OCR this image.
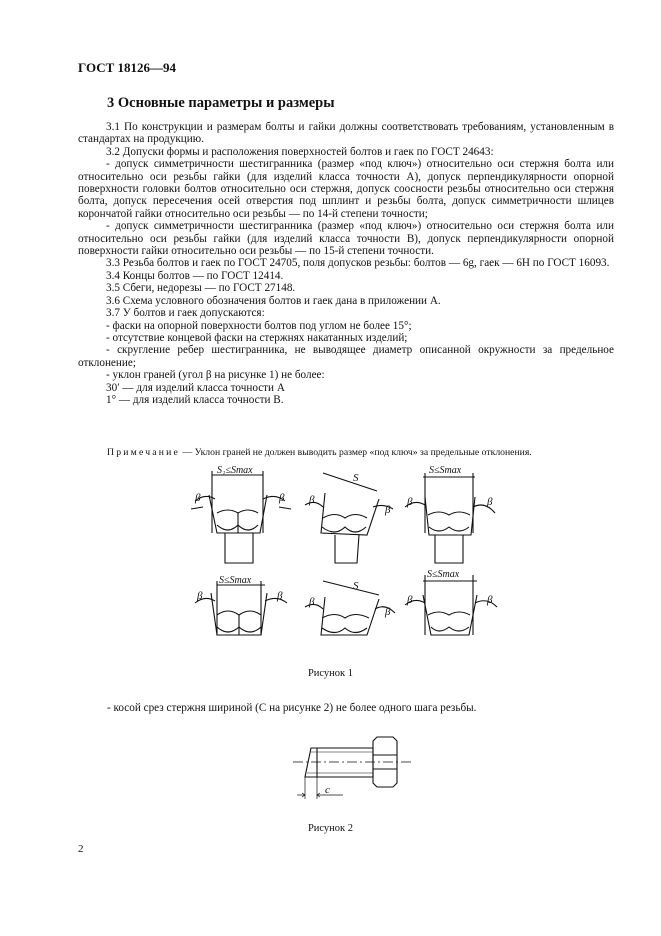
ГОСТ 18126—94
3 Основные параметры и размеры

3.1 По конструкции и размерам болты и гайки должны соответствовать требованиям, установленным в стандартах на продукцию.

3.2 Допуски формы и расположения поверхностей болтов и гаек по ГОСТ 24643:

- допуск симметричности шестигранника (размер «под ключ») относительно оси стержня болта или относительно оси резьбы гайки (для изделий класса точности А), допуск перпендикулярности опорной поверхности головки болтов относительно оси стержня, допуск соосности резьбы относительно оси стержня болта, допуск пересечения осей отверстия под шплинт и резьбы болта, допуск симметричности шлицев корончатой гайки относительно оси резьбы — по 14-й степени точности;

- допуск симметричности шестигранника (размер «под ключ») относительно оси стержня болта или относительно оси резьбы гайки (для изделий класса точности В), допуск перпендикулярности опорной поверхности гайки относительно оси резьбы — по 15-й степени точности.

3.3 Резьба болтов и гаек по ГОСТ 24705, поля допусков резьбы: болтов — 6g, гаек — 6Н по ГОСТ 16093.

3.4 Концы болтов — по ГОСТ 12414.

3.5 Сбеги, недорезы — по ГОСТ 27148.

3.6 Схема условного обозначения болтов и гаек дана в приложении А.

3.7 У болтов и гаек допускаются:

- фаски на опорной поверхности болтов под углом не более 15°;

- отсутствие концевой фаски на стержнях накатанных изделий;

- скругление ребер шестигранника, не выводящее диаметр описанной окружности за предельное отклонение;

- уклон граней (угол β на рисунке 1) не более:

30′ — для изделий класса точности А

1° — для изделий класса точности В.

Примечание — Уклон граней не должен выводить размер «под ключ» за предельные отклонения.
β	β
S₁≤Smax
β
β
S
β	β
S≤Smax
β	β
S≤Smax
β
β
S
β	β
S≤Smax
Рисунок 1
- косой срез стержня шириной (С на рисунке 2) не более одного шага резьбы.
c
Рисунок 2
2
